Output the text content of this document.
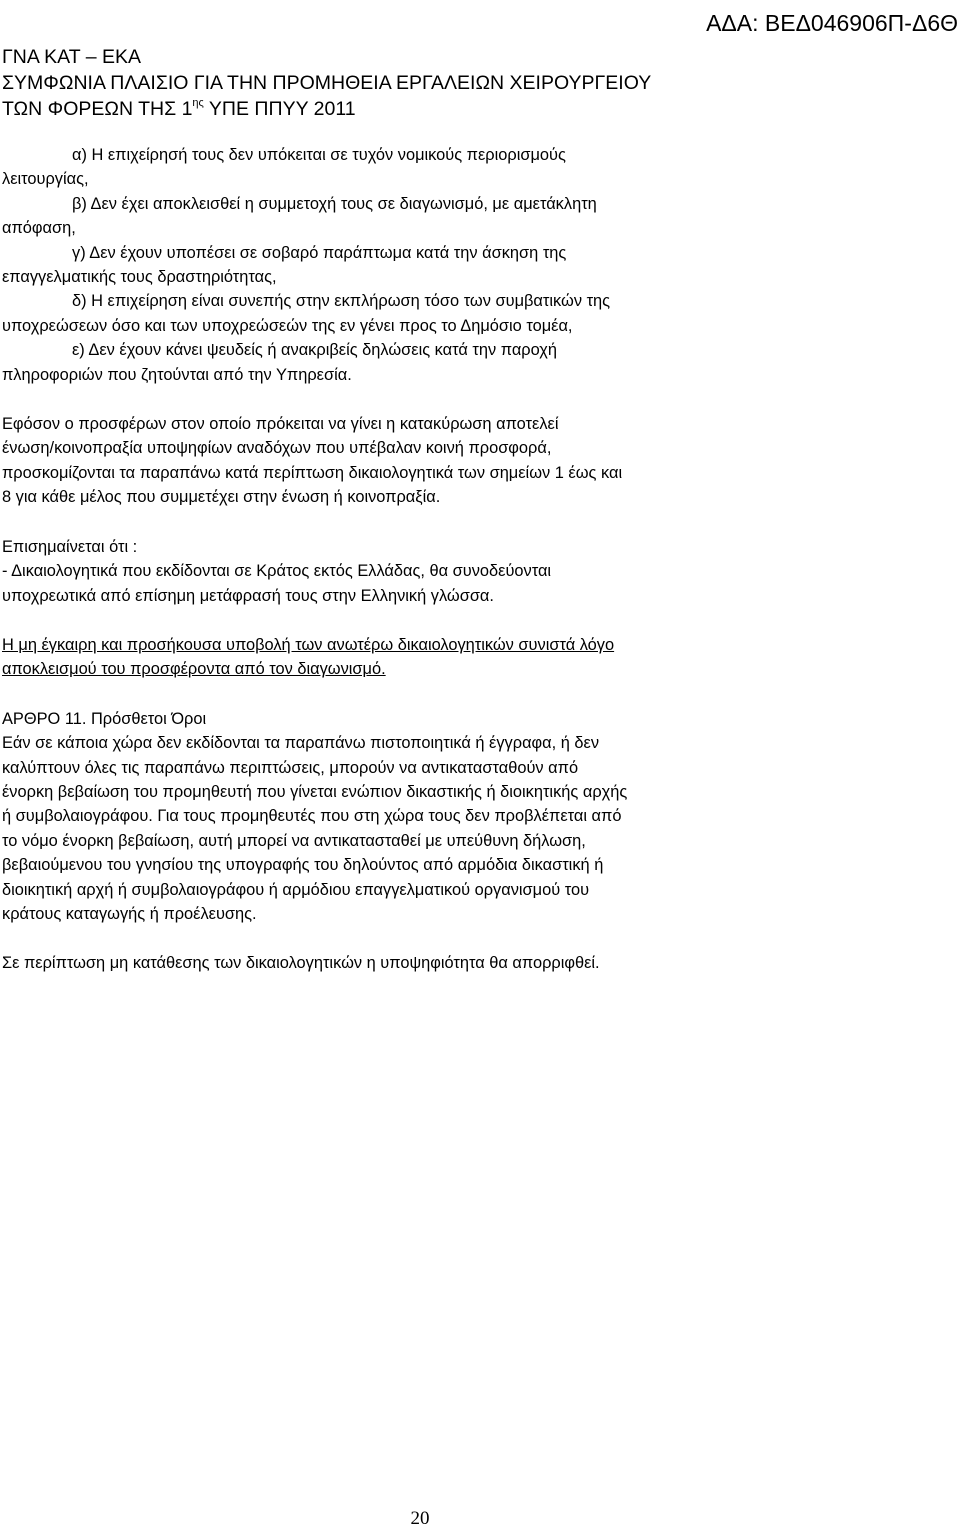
ΑΔΑ: ΒΕΔ046906Π-Δ6Θ
ΓΝΑ ΚΑΤ – ΕΚΑ
ΣΥΜΦΩΝΙΑ ΠΛΑΙΣΙΟ ΓΙΑ ΤΗΝ ΠΡΟΜΗΘΕΙΑ ΕΡΓΑΛΕΙΩΝ ΧΕΙΡΟΥΡΓΕΙΟΥ
ΤΩΝ ΦΟΡΕΩΝ ΤΗΣ $1^{\eta\varsigma}$ ΥΠΕ ΠΠΥΥ 2011

α) Η επιχείρησή τους δεν υπόκειται σε τυχόν νομικούς περιορισμούς

λειτουργίας,

β) Δεν έχει αποκλεισθεί η συμμετοχή τους σε διαγωνισμό, με αμετάκλητη

απόφαση,

γ) Δεν έχουν υποπέσει σε σοβαρό παράπτωμα κατά την άσκηση της

επαγγελματικής τους δραστηριότητας,

δ) Η επιχείρηση είναι συνεπής στην εκπλήρωση τόσο των συμβατικών της

υποχρεώσεων όσο και των υποχρεώσεών της εν γένει προς το Δημόσιο τομέα,

ε) Δεν έχουν κάνει ψευδείς ή ανακριβείς δηλώσεις κατά την παροχή

πληροφοριών που ζητούνται από την Υπηρεσία.

Εφόσον ο προσφέρων στον οποίο πρόκειται να γίνει η κατακύρωση αποτελεί

ένωση/κοινοπραξία υποψηφίων αναδόχων που υπέβαλαν κοινή προσφορά,

προσκομίζονται τα παραπάνω κατά περίπτωση δικαιολογητικά των σημείων 1 έως και

8 για κάθε μέλος που συμμετέχει στην ένωση ή κοινοπραξία.

Επισημαίνεται ότι :

- Δικαιολογητικά που εκδίδονται σε Κράτος εκτός Ελλάδας, θα συνοδεύονται

υποχρεωτικά από επίσημη μετάφρασή τους στην Ελληνική γλώσσα.

Η μη έγκαιρη και προσήκουσα υποβολή των ανωτέρω δικαιολογητικών συνιστά λόγο

αποκλεισμού του προσφέροντα από τον διαγωνισμό.

ΑΡΘΡΟ 11. Πρόσθετοι Όροι

Εάν σε κάποια χώρα δεν εκδίδονται τα παραπάνω πιστοποιητικά ή έγγραφα, ή δεν

καλύπτουν όλες τις παραπάνω περιπτώσεις, μπορούν να αντικατασταθούν από

ένορκη βεβαίωση του προμηθευτή που γίνεται ενώπιον δικαστικής ή διοικητικής αρχής

ή συμβολαιογράφου. Για τους προμηθευτές που στη χώρα τους δεν προβλέπεται από

το νόμο ένορκη βεβαίωση, αυτή μπορεί να αντικατασταθεί με υπεύθυνη δήλωση,

βεβαιούμενου του γνησίου της υπογραφής του δηλούντος από αρμόδια δικαστική ή

διοικητική αρχή ή συμβολαιογράφου ή αρμόδιου επαγγελματικού οργανισμού του

κράτους καταγωγής ή προέλευσης.

Σε περίπτωση μη κατάθεσης των δικαιολογητικών η υποψηφιότητα θα απορριφθεί.

20
